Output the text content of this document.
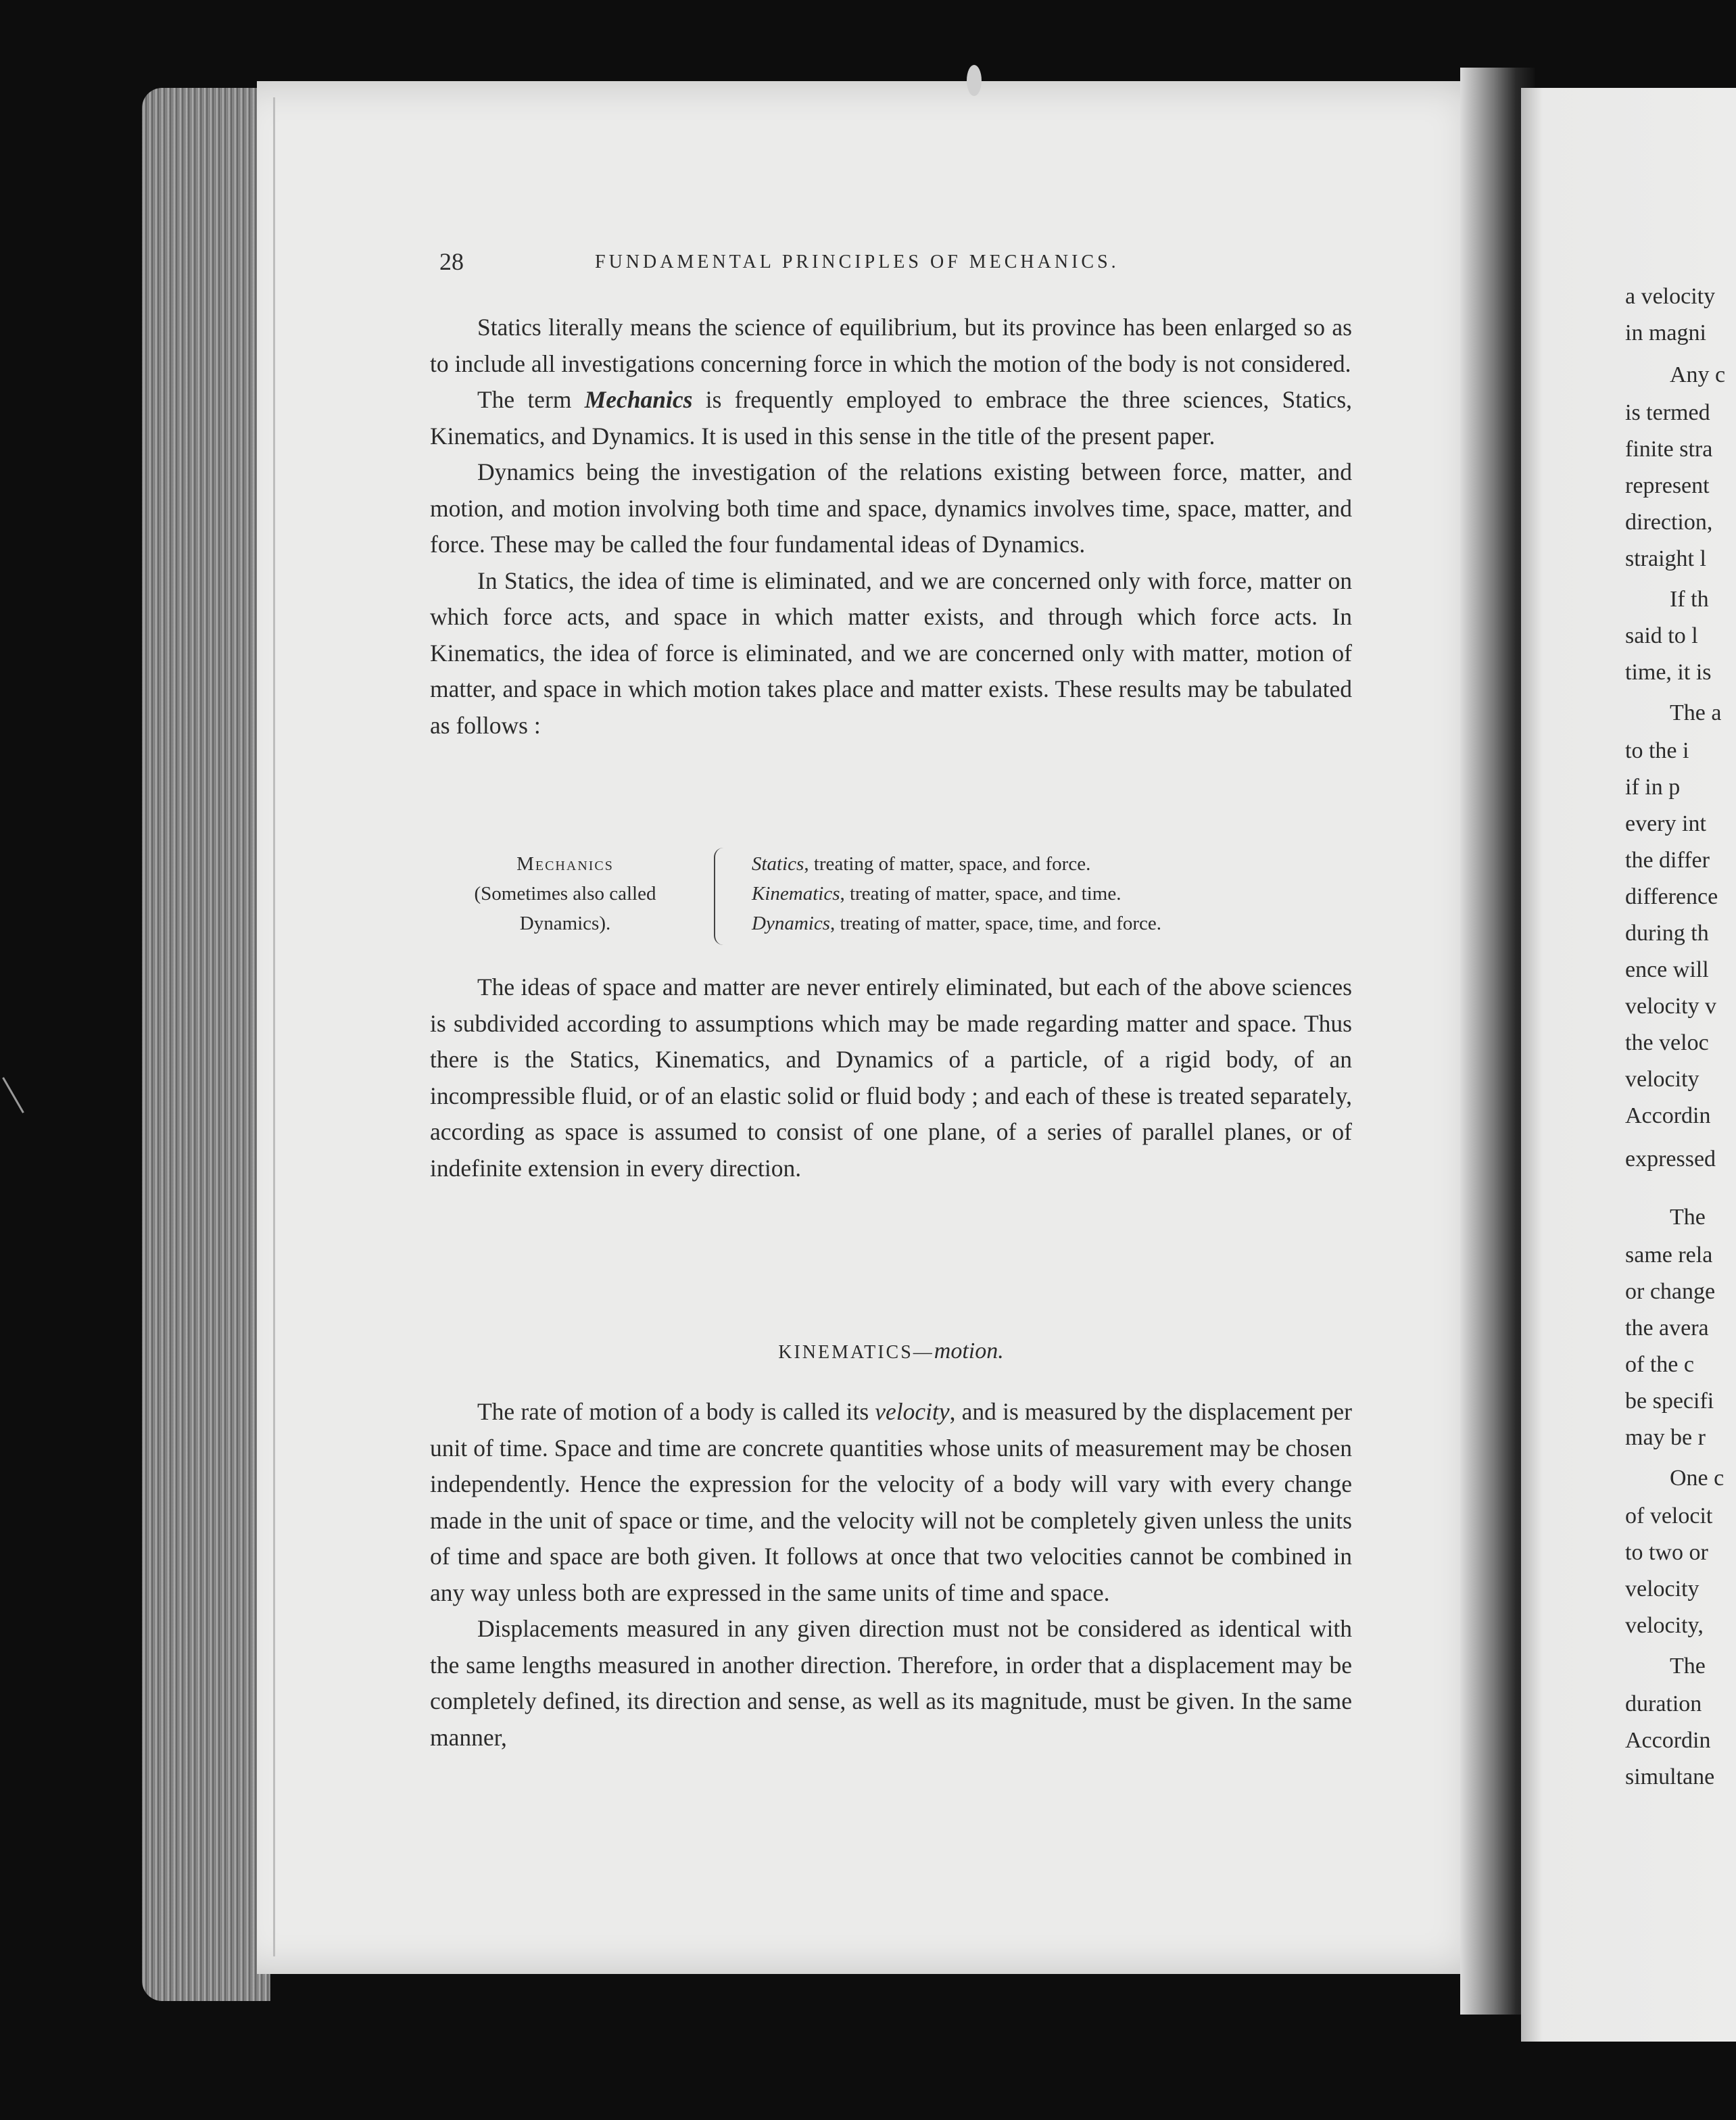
28	FUNDAMENTAL PRINCIPLES OF MECHANICS.

Statics literally means the science of equilibrium, but its province has been enlarged so as to include all investigations concerning force in which the motion of the body is not considered.

The term Mechanics is frequently employed to embrace the three sciences, Statics, Kinematics, and Dynamics. It is used in this sense in the title of the present paper.

Dynamics being the investigation of the relations existing between force, matter, and motion, and motion involving both time and space, dynamics involves time, space, matter, and force. These may be called the four fundamental ideas of Dynamics.

In Statics, the idea of time is eliminated, and we are concerned only with force, matter on which force acts, and space in which matter exists, and through which force acts. In Kinematics, the idea of force is eliminated, and we are concerned only with matter, motion of matter, and space in which motion takes place and matter exists. These results may be tabulated as follows :

Mechanics
(Sometimes also called
Dynamics).
Statics, treating of matter, space, and force.
Kinematics, treating of matter, space, and time.
Dynamics, treating of matter, space, time, and force.

The ideas of space and matter are never entirely eliminated, but each of the above sciences is subdivided according to assumptions which may be made regarding matter and space. Thus there is the Statics, Kinematics, and Dynamics of a particle, of a rigid body, of an incompressible fluid, or of an elastic solid or fluid body ; and each of these is treated separately, according as space is assumed to consist of one plane, of a series of parallel planes, or of indefinite extension in every direction.

KINEMATICS—motion.

The rate of motion of a body is called its velocity, and is measured by the displacement per unit of time. Space and time are concrete quantities whose units of measurement may be chosen independently. Hence the expression for the velocity of a body will vary with every change made in the unit of space or time, and the velocity will not be completely given unless the units of time and space are both given. It follows at once that two velocities cannot be combined in any way unless both are expressed in the same units of time and space.

Displacements measured in any given direction must not be considered as identical with the same lengths measured in another direction. Therefore, in order that a displacement may be completely defined, its direction and sense, as well as its magnitude, must be given. In the same manner,

a velocity
in magni
Any c
is termed
finite stra
represent
direction,
straight l
If th
said to l
time, it is
The a
to the i
if in p
every int
the differ
difference
during th
ence will
velocity v
the veloc
velocity
Accordin
expressed
The
same rela
or change
the avera
of the c
be specifi
may be r
One c
of velocit
to two or
velocity
velocity,
The
duration
Accordin
simultane
